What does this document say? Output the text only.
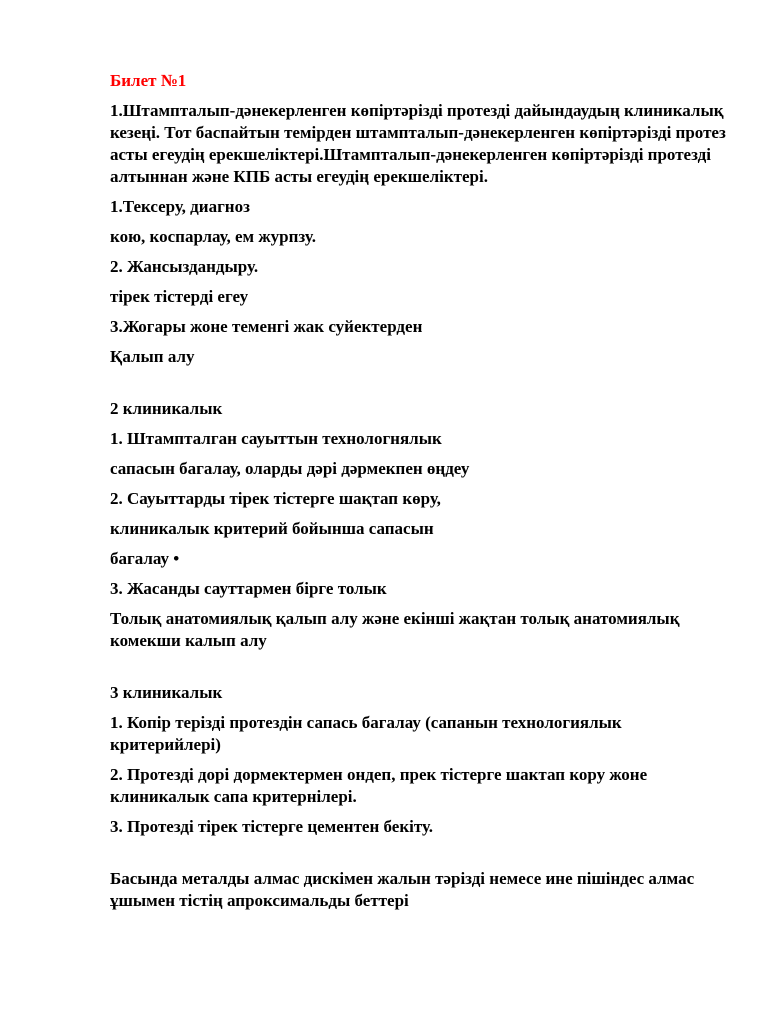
Билет №1
1.Штампталып-дәнекерленген көпіртәрізді протезді дайындаудың клиникалық кезеңі. Тот баспайтын темірден штампталып-дәнекерленген көпіртәрізді протез асты егеудің ерекшеліктері.Штампталып-дәнекерленген көпіртәрізді протезді алтыннан және КПБ асты егеудің ерекшеліктері.
1.Тексеру, диагноз
кою, коспарлау, ем журпзу.
2. Жансыздандыру.
тірек тістерді егеу
3.Жогары жоне теменгі жак суйектерден
Қалып алу
2 клиникалык
1. Штампталган сауыттын технологнялык
сапасын багалау, оларды дәрі дәрмекпен өңдеу
2. Сауыттарды тірек тістерге шақтап көру,
клиникалык критерий бойынша сапасын
багалау •
3. Жасанды сауттармен бірге толык
Толық анатомиялық қалып алу және екінші жақтан толық анатомиялық комекши калып алу
3 клиникалык
1. Копір терізді протездін сапась багалау (сапанын технологиялык критерийлері)
2. Протезді дорі дормектермен ондеп, прек тістерге шактап кору жоне клиникалык сапа критернілері.
3. Протезді тірек тістерге цементен бекіту.
Басында металды алмас дискімен жалын тәрізді немесе ине пішіндес алмас ұшымен тістің апроксимальды беттері
